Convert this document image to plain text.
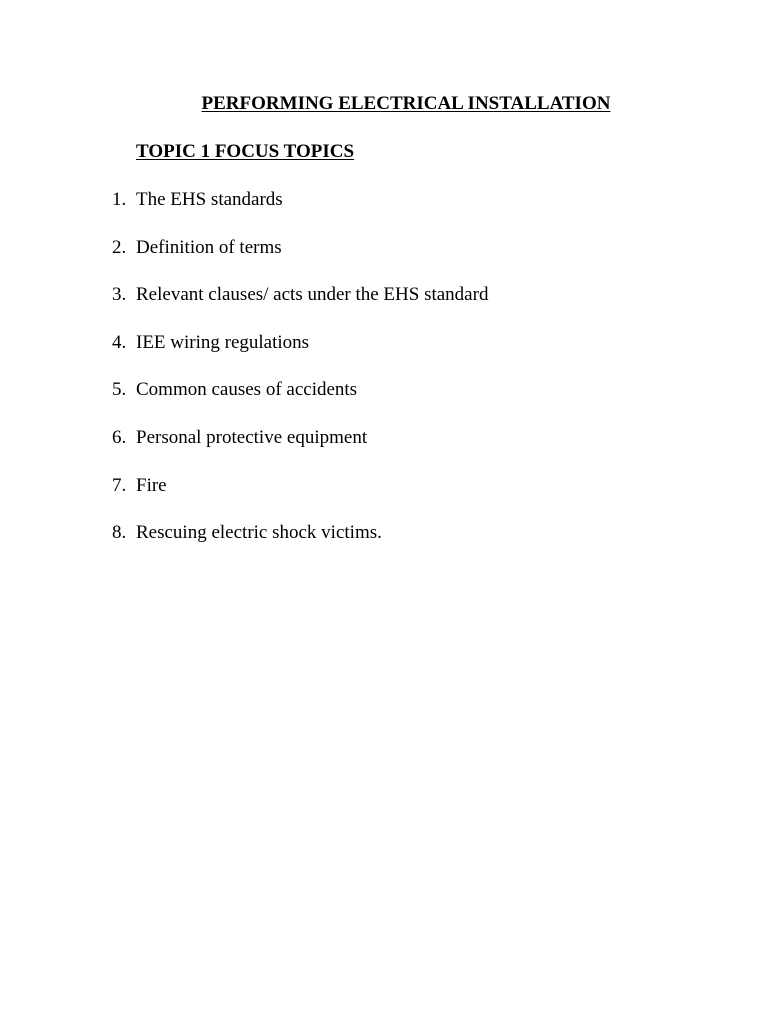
PERFORMING ELECTRICAL INSTALLATION
TOPIC 1 FOCUS TOPICS
1. The EHS standards
2. Definition of terms
3. Relevant clauses/ acts under the EHS standard
4. IEE wiring regulations
5. Common causes of accidents
6. Personal protective equipment
7. Fire
8. Rescuing electric shock victims.
